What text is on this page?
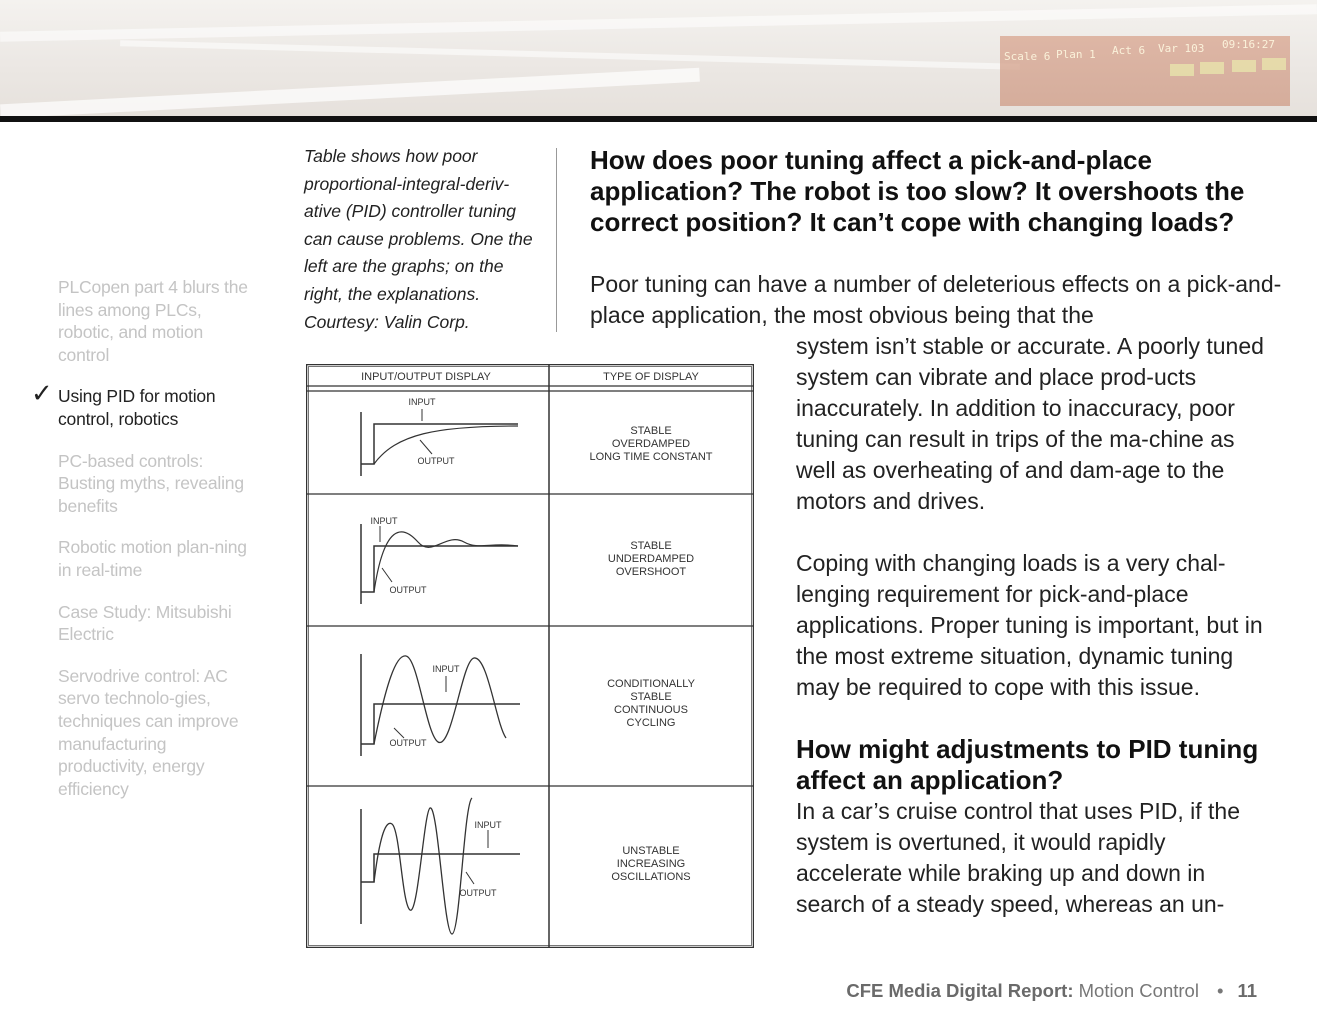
Scale 6 Plan 1 Act 6 Var 103 09:16:27
PLCopen part 4 blurs the lines among PLCs, robotic, and motion control
✓ Using PID for motion control, robotics
PC-based controls: Busting myths, revealing benefits
Robotic motion plan-ning in real-time
Case Study: Mitsubishi Electric
Servodrive control: AC servo technolo-gies, techniques can improve manufacturing productivity, energy efficiency
Table shows how poor proportional-integral-deriv-ative (PID) controller tuning can cause problems. One the left are the graphs; on the right, the explanations. Courtesy: Valin Corp.
How does poor tuning affect a pick-and-place application? The robot is too slow? It overshoots the correct position? It can’t cope with changing loads?

Poor tuning can have a number of deleterious effects on a pick-and-place application, the most obvious being that the

system isn’t stable or accurate. A poorly tuned system can vibrate and place prod-ucts inaccurately. In addition to inaccuracy, poor tuning can result in trips of the ma-chine as well as overheating of and dam-age to the motors and drives.

Coping with changing loads is a very chal-lenging requirement for pick-and-place applications. Proper tuning is important, but in the most extreme situation, dynamic tuning may be required to cope with this issue.

How might adjustments to PID tuning affect an application?

In a car’s cruise control that uses PID, if the system is overtuned, it would rapidly accelerate while braking up and down in search of a steady speed, whereas an un-

INPUT/OUTPUT DISPLAY	TYPE OF DISPLAY
INPUT
OUTPUT
STABLE
OVERDAMPED
LONG TIME CONSTANT
INPUT
OUTPUT
STABLE
UNDERDAMPED
OVERSHOOT
INPUT
OUTPUT
CONDITIONALLY
STABLE
CONTINUOUS
CYCLING
INPUT
OUTPUT
UNSTABLE
INCREASING
OSCILLATIONS
CFE Media Digital Report: Motion Control • 11
